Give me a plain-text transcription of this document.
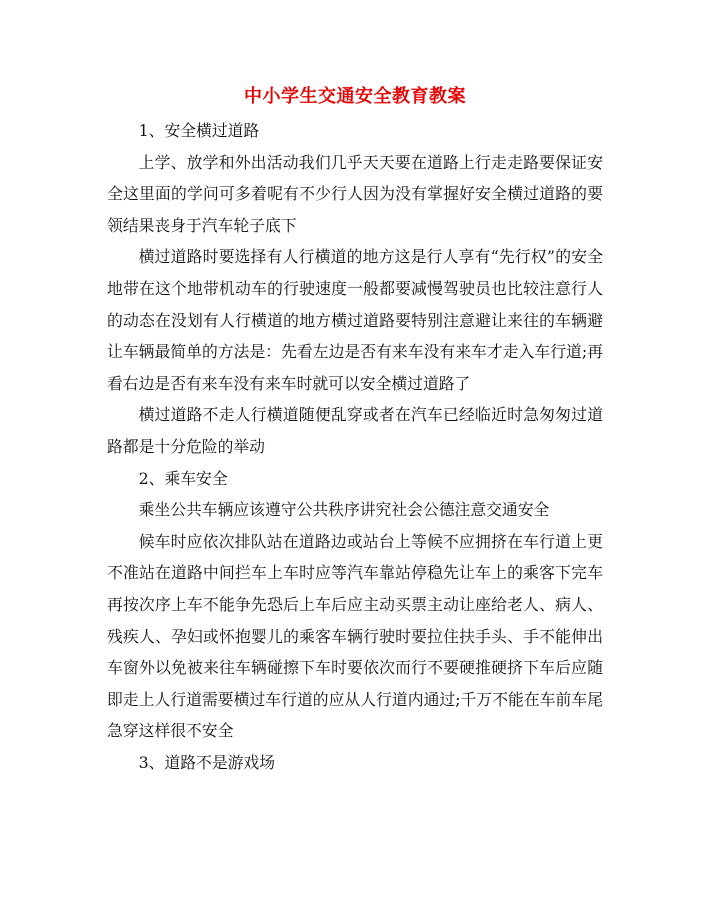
中小学生交通安全教育教案

1、安全横过道路

上学、放学和外出活动我们几乎天天要在道路上行走走路要保证安全这里面的学问可多着呢有不少行人因为没有掌握好安全横过道路的要领结果丧身于汽车轮子底下

横过道路时要选择有人行横道的地方这是行人享有“先行权”的安全地带在这个地带机动车的行驶速度一般都要减慢驾驶员也比较注意行人的动态在没划有人行横道的地方横过道路要特别注意避让来往的车辆避让车辆最简单的方法是：先看左边是否有来车没有来车才走入车行道;再看右边是否有来车没有来车时就可以安全横过道路了

横过道路不走人行横道随便乱穿或者在汽车已经临近时急匆匆过道路都是十分危险的举动

2、乘车安全

乘坐公共车辆应该遵守公共秩序讲究社会公德注意交通安全

候车时应依次排队站在道路边或站台上等候不应拥挤在车行道上更不准站在道路中间拦车上车时应等汽车靠站停稳先让车上的乘客下完车再按次序上车不能争先恐后上车后应主动买票主动让座给老人、病人、残疾人、孕妇或怀抱婴儿的乘客车辆行驶时要拉住扶手头、手不能伸出车窗外以免被来往车辆碰擦下车时要依次而行不要硬推硬挤下车后应随即走上人行道需要横过车行道的应从人行道内通过;千万不能在车前车尾急穿这样很不安全

3、道路不是游戏场
